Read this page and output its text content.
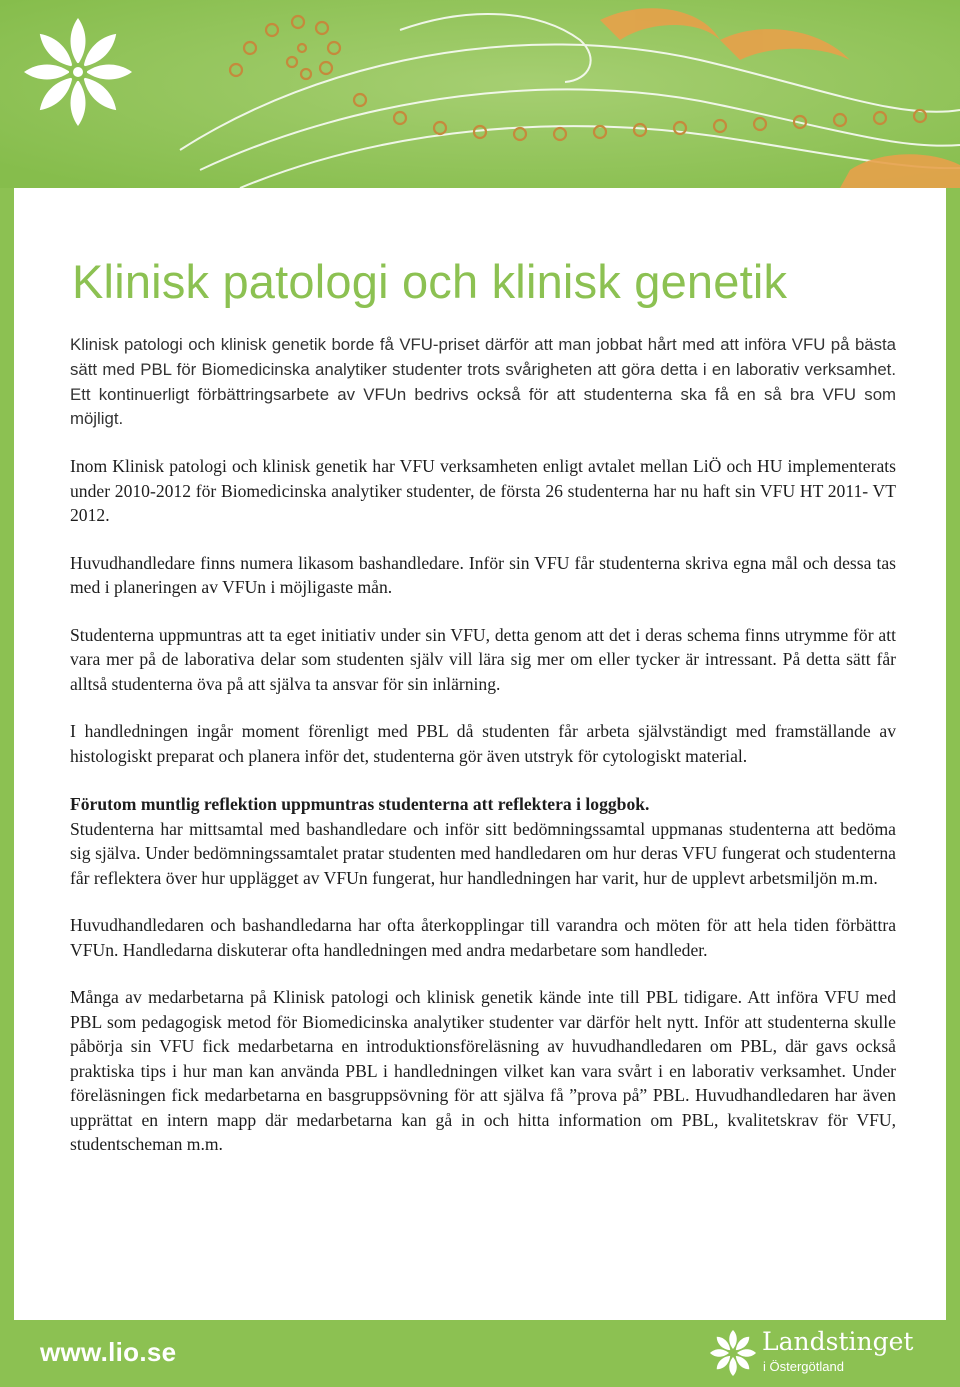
Klinisk patologi och klinisk genetik

Klinisk patologi och klinisk genetik borde få VFU-priset därför att man jobbat hårt med att införa VFU på bästa sätt med PBL för Biomedicinska analytiker studenter trots svårigheten att göra detta i en laborativ verksamhet. Ett kontinuerligt förbättringsarbete av VFUn bedrivs också för att studenterna ska få en så bra VFU som möjligt.

Inom Klinisk patologi och klinisk genetik har VFU verksamheten enligt avtalet mellan LiÖ och HU implementerats under 2010-2012 för Biomedicinska analytiker studenter, de första 26 studenterna har nu haft sin VFU HT 2011- VT 2012.

Huvudhandledare finns numera likasom bashandledare. Inför sin VFU får studenterna skriva egna mål och dessa tas med i planeringen av VFUn i möjligaste mån.

Studenterna uppmuntras att ta eget initiativ under sin VFU, detta genom att det i deras schema finns utrymme för att vara mer på de laborativa delar som studenten själv vill lära sig mer om eller tycker är intressant. På detta sätt får alltså studenterna öva på att själva ta ansvar för sin inlärning.

I handledningen ingår moment förenligt med PBL då studenten får arbeta självständigt med framställande av histologiskt preparat och planera inför det, studenterna gör även utstryk för cytologiskt material.

Förutom muntlig reflektion uppmuntras studenterna att reflektera i loggbok.

Studenterna har mittsamtal med bashandledare och inför sitt bedömningssamtal uppmanas studenterna att bedöma sig själva. Under bedömningssamtalet pratar studenten med handledaren om hur deras VFU fungerat och studenterna får reflektera över hur upplägget av VFUn fungerat, hur handledningen har varit, hur de upplevt arbetsmiljön m.m.

Huvudhandledaren och bashandledarna har ofta återkopplingar till varandra och möten för att hela tiden förbättra VFUn. Handledarna diskuterar ofta handledningen med andra medarbetare som handleder.

Många av medarbetarna på Klinisk patologi och klinisk genetik kände inte till PBL tidigare. Att införa VFU med PBL som pedagogisk metod för Biomedicinska analytiker studenter var därför helt nytt. Inför att studenterna skulle påbörja sin VFU fick medarbetarna en introduktionsföreläsning av huvudhandledaren om PBL, där gavs också praktiska tips i hur man kan använda PBL i handledningen vilket kan vara svårt i en laborativ verksamhet. Under föreläsningen fick medarbetarna en basgruppsövning för att själva få ”prova på” PBL. Huvudhandledaren har även upprättat en intern mapp där medarbetarna kan gå in och hitta information om PBL, kvalitetskrav för VFU, studentscheman m.m.

www.lio.se	Landstinget
i Östergötland
